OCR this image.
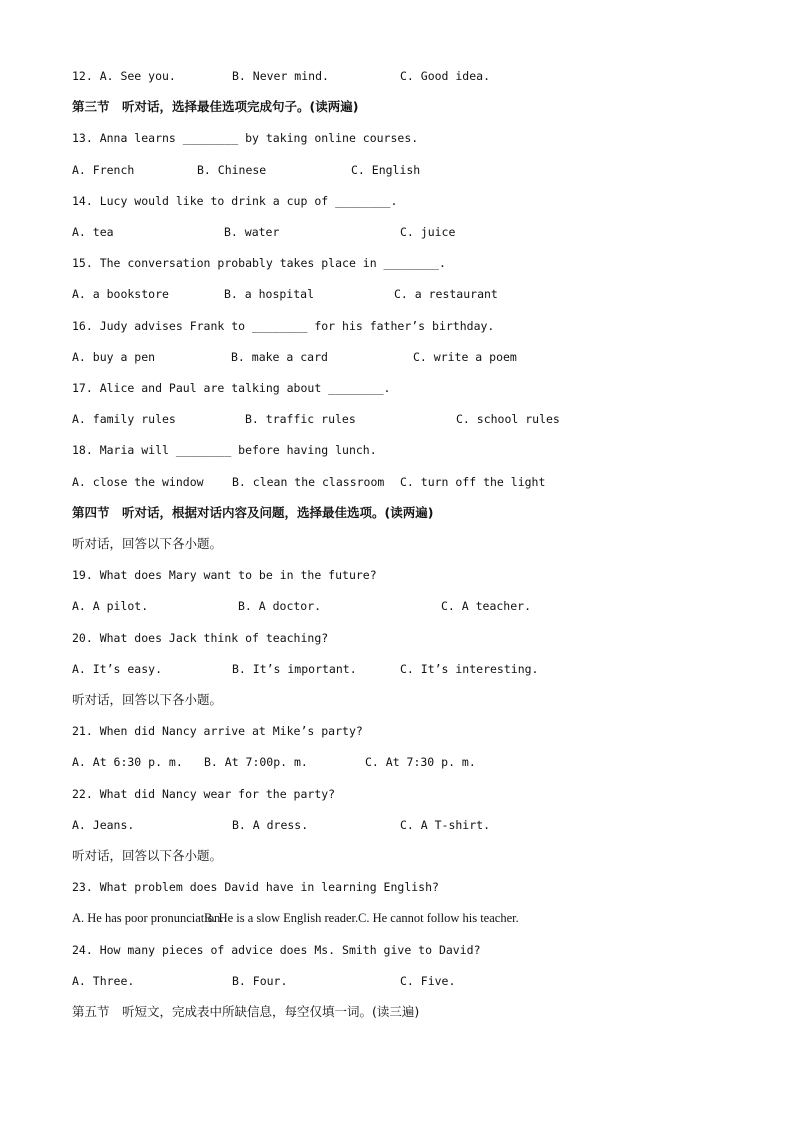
12. A. See you.	B. Never mind.	C. Good idea.
第三节　听对话，选择最佳选项完成句子。(读两遍)
13. Anna learns ________ by taking online courses.
A. French	B. Chinese	C. English
14. Lucy would like to drink a cup of ________.
A. tea	B. water	C. juice
15. The conversation probably takes place in ________.
A. a bookstore	B. a hospital	C. a restaurant
16. Judy advises Frank to ________ for his father’s birthday.
A. buy a pen	B. make a card	C. write a poem
17. Alice and Paul are talking about ________.
A. family rules	B. traffic rules	C. school rules
18. Maria will ________ before having lunch.
A. close the window B. clean the classroom C. turn off the light
第四节　听对话，根据对话内容及问题，选择最佳选项。(读两遍)
听对话，回答以下各小题。
19. What does Mary want to be in the future?
A. A pilot.	B. A doctor.	C. A teacher.
20. What does Jack think of teaching?
A. It’s easy.	B. It’s important.	C. It’s interesting.
听对话，回答以下各小题。
21. When did Nancy arrive at Mike’s party?
A. At 6:30 p. m. B. At 7:00p. m.	C. At 7:30 p. m.
22. What did Nancy wear for the party?
A. Jeans.	B. A dress.	C. A T-shirt.
听对话，回答以下各小题。
23. What problem does David have in learning English?
A. He has poor pronunciation.
B. He is a slow English reader. C. He cannot follow his teacher.
24. How many pieces of advice does Ms. Smith give to David?
A. Three.	B. Four.	C. Five.
第五节　听短文，完成表中所缺信息，每空仅填一词。(读三遍)
